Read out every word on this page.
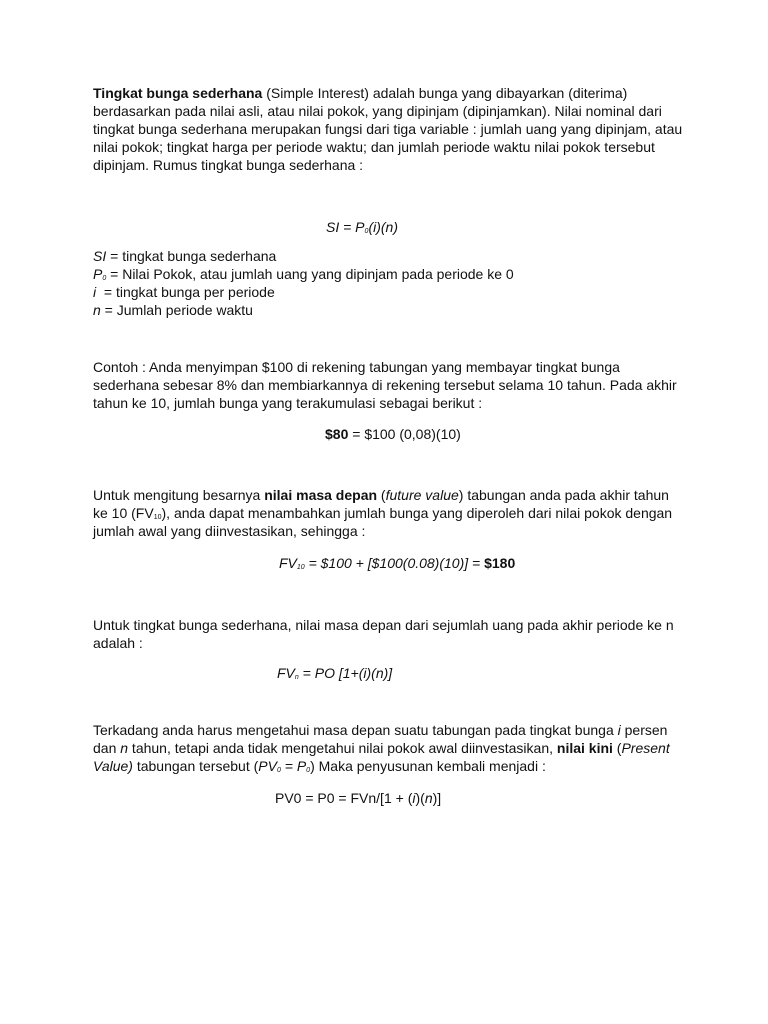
Tingkat bunga sederhana (Simple Interest) adalah bunga yang dibayarkan (diterima) berdasarkan pada nilai asli, atau nilai pokok, yang dipinjam (dipinjamkan). Nilai nominal dari tingkat bunga sederhana merupakan fungsi dari tiga variable : jumlah uang yang dipinjam, atau nilai pokok; tingkat harga per periode waktu; dan jumlah periode waktu nilai pokok tersebut dipinjam. Rumus tingkat bunga sederhana :

SI = $P_0(i)(n)$
SI = tingkat bunga sederhana
$P_0$ = Nilai Pokok, atau jumlah uang yang dipinjam pada periode ke 0
i  = tingkat bunga per periode
n = Jumlah periode waktu

Contoh : Anda menyimpan $100 di rekening tabungan yang membayar tingkat bunga sederhana sebesar 8% dan membiarkannya di rekening tersebut selama 10 tahun. Pada akhir tahun ke 10, jumlah bunga yang terakumulasi sebagai berikut :

$80 = $100 (0,08)(10)

Untuk mengitung besarnya nilai masa depan (future value) tabungan anda pada akhir tahun ke 10 $(FV_{10})$, anda dapat menambahkan jumlah bunga yang diperoleh dari nilai pokok dengan jumlah awal yang diinvestasikan, sehingga :

$FV_{10}$ = $100 + [$100(0.08)(10)] = $180

Untuk tingkat bunga sederhana, nilai masa depan dari sejumlah uang pada akhir periode ke n adalah :

$FV_n$ = PO [1+(i)(n)]

Terkadang anda harus mengetahui masa depan suatu tabungan pada tingkat bunga i persen dan n tahun, tetapi anda tidak mengetahui nilai pokok awal diinvestasikan, nilai kini (Present Value) tabungan tersebut $(PV_0 = P_0)$ Maka penyusunan kembali menjadi :

PV0 = P0 = FVn/[1 + (i)(n)]
